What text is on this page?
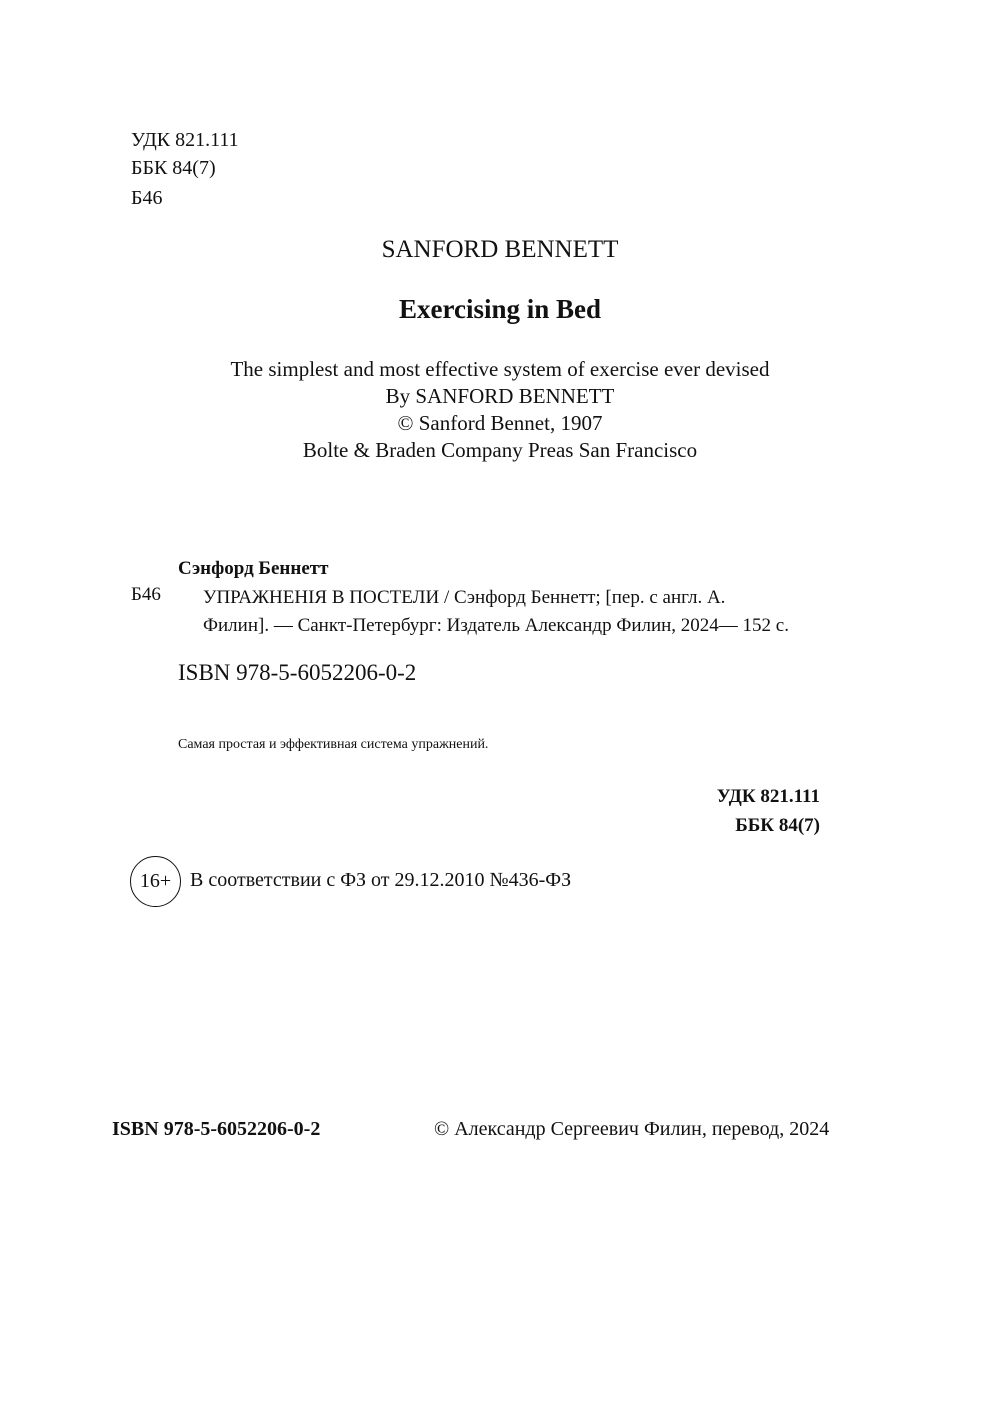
УДК 821.111
ББК 84(7)
Б46
SANFORD BENNETT
Exercising in Bed
The simplest and most effective system of exercise ever devised
By SANFORD BENNETT
© Sanford Bennet, 1907
Bolte & Braden Company Preas San Francisco
Сэнфорд Беннетт
Б46 УПРАЖНЕНIЯ В ПОСТЕЛИ / Сэнфорд Беннетт; [пер. с англ. А.
Филин]. — Санкт-Петербург: Издатель Александр Филин, 2024— 152 с.
ISBN 978-5-6052206-0-2
Самая простая и эффективная система упражнений.
УДК 821.111
ББК 84(7)
16+ В соответствии с ФЗ от 29.12.2010 №436-ФЗ
ISBN 978-5-6052206-0-2	© Александр Сергеевич Филин, перевод, 2024
